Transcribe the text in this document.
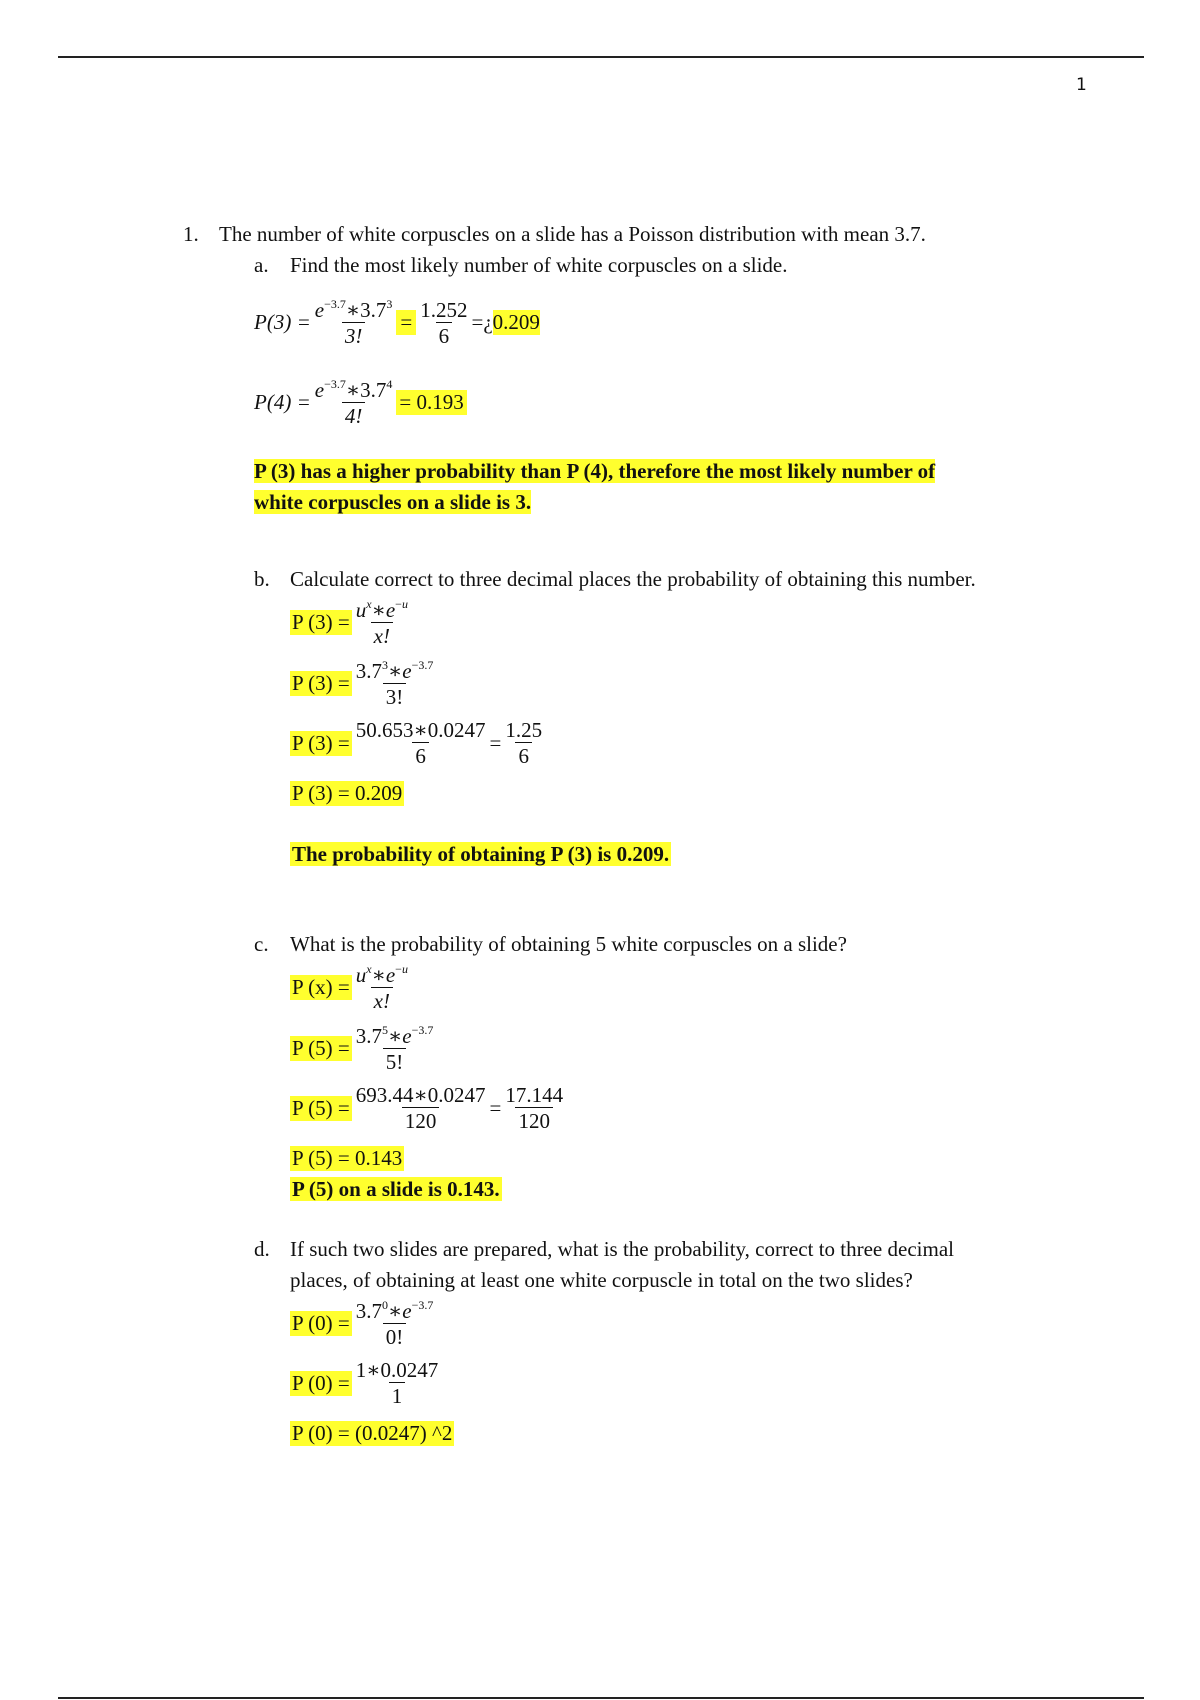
1
1. The number of white corpuscles on a slide has a Poisson distribution with mean 3.7.
a. Find the most likely number of white corpuscles on a slide.
$P(3) = \frac{e^{-3.7}∗3.7^3}{3!} = \frac{1.252}{6}$ =¿ 0.209
$P(4) = \frac{e^{-3.7}∗3.7^4}{4!} = 0.193$
P (3) has a higher probability than P (4), therefore the most likely number of
white corpuscles on a slide is 3.
b. Calculate correct to three decimal places the probability of obtaining this number.
P $(3) = \frac{u^x∗e^{-u}}{x!}$
P $(3) = \frac{3.7^3∗e^{-3.7}}{3!}$
P $(3) = \frac{50.653∗0.0247}{6} = \frac{1.25}{6}$
P (3) = 0.209
The probability of obtaining P (3) is 0.209.
c. What is the probability of obtaining 5 white corpuscles on a slide?
P $(x) = \frac{u^x∗e^{-u}}{x!}$
P $(5) = \frac{3.7^5∗e^{-3.7}}{5!}$
P $(5) = \frac{693.44∗0.0247}{120} = \frac{17.144}{120}$
P (5) = 0.143
P (5) on a slide is 0.143.
d. If such two slides are prepared, what is the probability, correct to three decimal
places, of obtaining at least one white corpuscle in total on the two slides?
P $(0) = \frac{3.7^0∗e^{-3.7}}{0!}$
P $(0) = \frac{1∗0.0247}{1}$
P (0) = (0.0247) ^2
